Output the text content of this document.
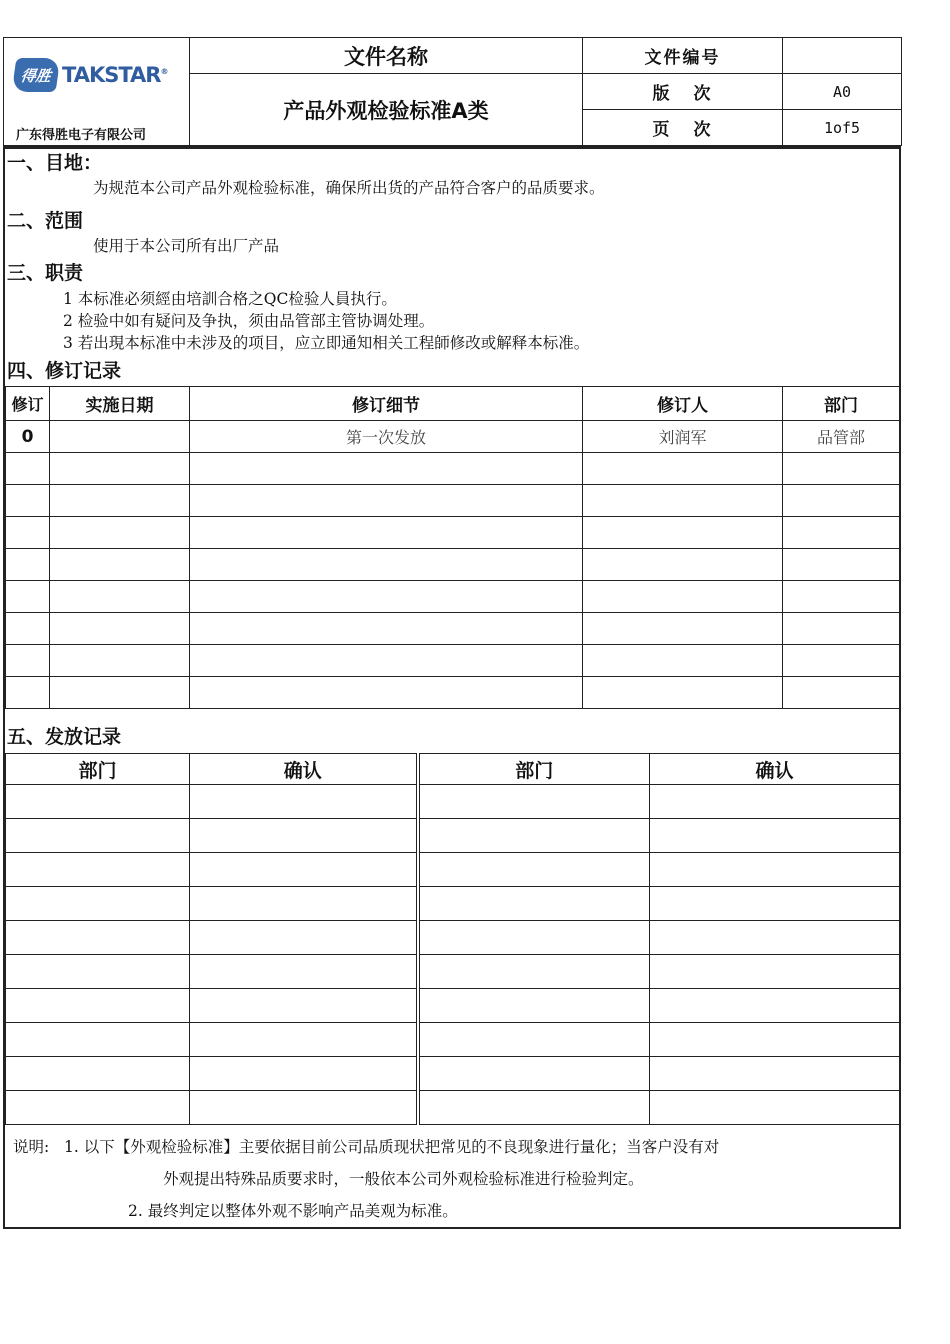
得胜 TAKSTAR®
广东得胜电子有限公司	文件名称	文件编号	
	产品外观检验标准A类	版 次	A0
		页 次	1of5
一、目地：
为规范本公司产品外观检验标准，确保所出货的产品符合客户的品质要求。
二、范围
使用于本公司所有出厂产品
三、职责
1 本标准必须經由培訓合格之QC检验人員执行。
2 检验中如有疑问及争执，须由品管部主管协调处理。
3 若出現本标准中未涉及的项目，应立即通知相关工程師修改或解释本标准。
四、修订记录
修订	实施日期	修订细节	修订人	部门
0		第一次发放	刘润军	品管部

五、发放记录
部门	确认	部门	确认

说明: 1. 以下【外观检验标准】主要依据目前公司品质现状把常见的不良现象进行量化；当客户没有对
外观提出特殊品质要求时，一般依本公司外观检验标准进行检验判定。
2. 最终判定以整体外观不影响产品美观为标准。
